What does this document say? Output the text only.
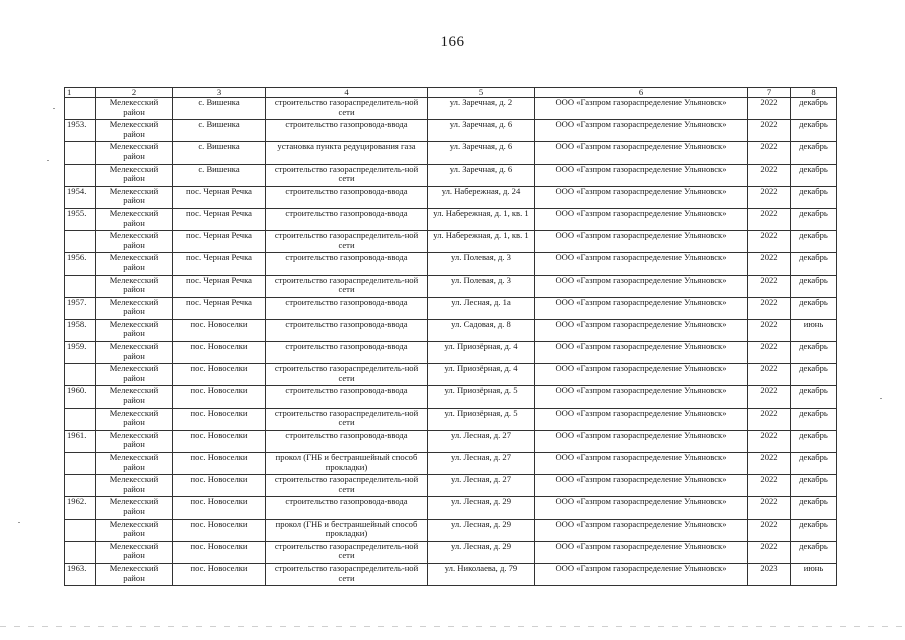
166
1	2	3	4	5	6	7	8
	Мелекесский район	с. Вишенка	строительство газораспределитель-ной сети	ул. Заречная, д. 2	ООО «Газпром газораспределение Ульяновск»	2022	декабрь
1953.	Мелекесский район	с. Вишенка	строительство газопровода-ввода	ул. Заречная, д. 6	ООО «Газпром газораспределение Ульяновск»	2022	декабрь
	Мелекесский район	с. Вишенка	установка пункта редуцирования газа	ул. Заречная, д. 6	ООО «Газпром газораспределение Ульяновск»	2022	декабрь
	Мелекесский район	с. Вишенка	строительство газораспределитель-ной сети	ул. Заречная, д. 6	ООО «Газпром газораспределение Ульяновск»	2022	декабрь
1954.	Мелекесский район	пос. Черная Речка	строительство газопровода-ввода	ул. Набережная, д. 24	ООО «Газпром газораспределение Ульяновск»	2022	декабрь
1955.	Мелекесский район	пос. Черная Речка	строительство газопровода-ввода	ул. Набережная, д. 1, кв. 1	ООО «Газпром газораспределение Ульяновск»	2022	декабрь
	Мелекесский район	пос. Черная Речка	строительство газораспределитель-ной сети	ул. Набережная, д. 1, кв. 1	ООО «Газпром газораспределение Ульяновск»	2022	декабрь
1956.	Мелекесский район	пос. Черная Речка	строительство газопровода-ввода	ул. Полевая, д. 3	ООО «Газпром газораспределение Ульяновск»	2022	декабрь
	Мелекесский район	пос. Черная Речка	строительство газораспределитель-ной сети	ул. Полевая, д. 3	ООО «Газпром газораспределение Ульяновск»	2022	декабрь
1957.	Мелекесский район	пос. Черная Речка	строительство газопровода-ввода	ул. Лесная, д. 1а	ООО «Газпром газораспределение Ульяновск»	2022	декабрь
1958.	Мелекесский район	пос. Новоселки	строительство газопровода-ввода	ул. Садовая, д. 8	ООО «Газпром газораспределение Ульяновск»	2022	июнь
1959.	Мелекесский район	пос. Новоселки	строительство газопровода-ввода	ул. Приозёрная, д. 4	ООО «Газпром газораспределение Ульяновск»	2022	декабрь
	Мелекесский район	пос. Новоселки	строительство газораспределитель-ной сети	ул. Приозёрная, д. 4	ООО «Газпром газораспределение Ульяновск»	2022	декабрь
1960.	Мелекесский район	пос. Новоселки	строительство газопровода-ввода	ул. Приозёрная, д. 5	ООО «Газпром газораспределение Ульяновск»	2022	декабрь
	Мелекесский район	пос. Новоселки	строительство газораспределитель-ной сети	ул. Приозёрная, д. 5	ООО «Газпром газораспределение Ульяновск»	2022	декабрь
1961.	Мелекесский район	пос. Новоселки	строительство газопровода-ввода	ул. Лесная, д. 27	ООО «Газпром газораспределение Ульяновск»	2022	декабрь
	Мелекесский район	пос. Новоселки	прокол (ГНБ и бестраншейный способ прокладки)	ул. Лесная, д. 27	ООО «Газпром газораспределение Ульяновск»	2022	декабрь
	Мелекесский район	пос. Новоселки	строительство газораспределитель-ной сети	ул. Лесная, д. 27	ООО «Газпром газораспределение Ульяновск»	2022	декабрь
1962.	Мелекесский район	пос. Новоселки	строительство газопровода-ввода	ул. Лесная, д. 29	ООО «Газпром газораспределение Ульяновск»	2022	декабрь
	Мелекесский район	пос. Новоселки	прокол (ГНБ и бестраншейный способ прокладки)	ул. Лесная, д. 29	ООО «Газпром газораспределение Ульяновск»	2022	декабрь
	Мелекесский район	пос. Новоселки	строительство газораспределитель-ной сети	ул. Лесная, д. 29	ООО «Газпром газораспределение Ульяновск»	2022	декабрь
1963.	Мелекесский район	пос. Новоселки	строительство газораспределитель-ной сети	ул. Николаева, д. 79	ООО «Газпром газораспределение Ульяновск»	2023	июнь
